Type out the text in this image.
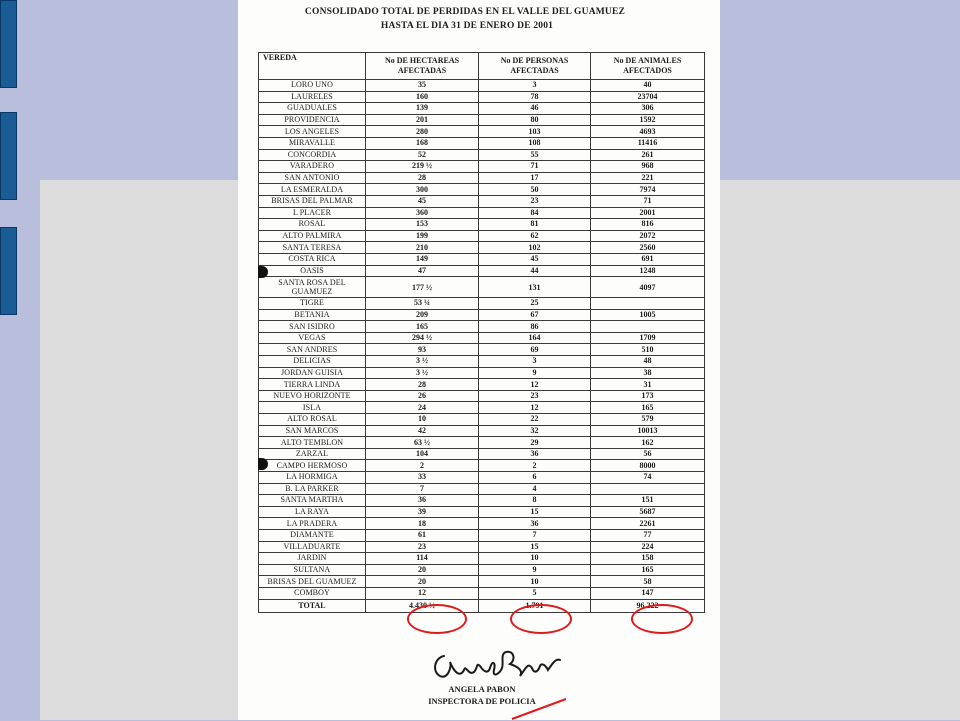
CONSOLIDADO TOTAL DE PERDIDAS EN EL VALLE DEL GUAMUEZ
HASTA EL DIA 31 DE ENERO DE 2001
VEREDA	No DE HECTAREAS AFECTADAS	No DE PERSONAS AFECTADAS	No DE ANIMALES AFECTADOS
LORO UNO	35	3	40
LAURELES	160	78	23704
GUADUALES	139	46	306
PROVIDENCIA	201	80	1592
LOS ANGELES	280	103	4693
MIRAVALLE	168	108	11416
CONCORDIA	52	55	261
VARADERO	219 ½	71	968
SAN ANTONIO	28	17	221
LA ESMERALDA	300	50	7974
BRISAS DEL PALMAR	45	23	71
L PLACER	360	84	2001
ROSAL	153	81	816
ALTO PALMIRA	199	62	2072
SANTA TERESA	210	102	2560
COSTA RICA	149	45	691
OASIS	47	44	1248
SANTA ROSA DEL GUAMUEZ	177 ½	131	4097
TIGRE	53 ¼	25	
BETANIA	209	67	1005
SAN ISIDRO	165	86	
VEGAS	294 ½	164	1709
SAN ANDRES	93	69	510
DELICIAS	3 ½	3	48
JORDAN GUISIA	3 ½	9	38
TIERRA LINDA	28	12	31
NUEVO HORIZONTE	26	23	173
ISLA	24	12	165
ALTO ROSAL	10	22	579
SAN MARCOS	42	32	10013
ALTO TEMBLON	63 ½	29	162
ZARZAL	104	36	56
CAMPO HERMOSO	2	2	8000
LA HORMIGA	33	6	74
B. LA PARKER	7	4	
SANTA MARTHA	36	8	151
LA RAYA	39	15	5687
LA PRADERA	18	36	2261
DIAMANTE	61	7	77
VILLADUARTE	23	15	224
JARDIN	114	10	158
SULTANA	20	9	165
BRISAS DEL GUAMUEZ	20	10	58
COMBOY	12	5	147
TOTAL	4.430 ½	1.791	96.222
ANGELA PABON
INSPECTORA DE POLICIA
